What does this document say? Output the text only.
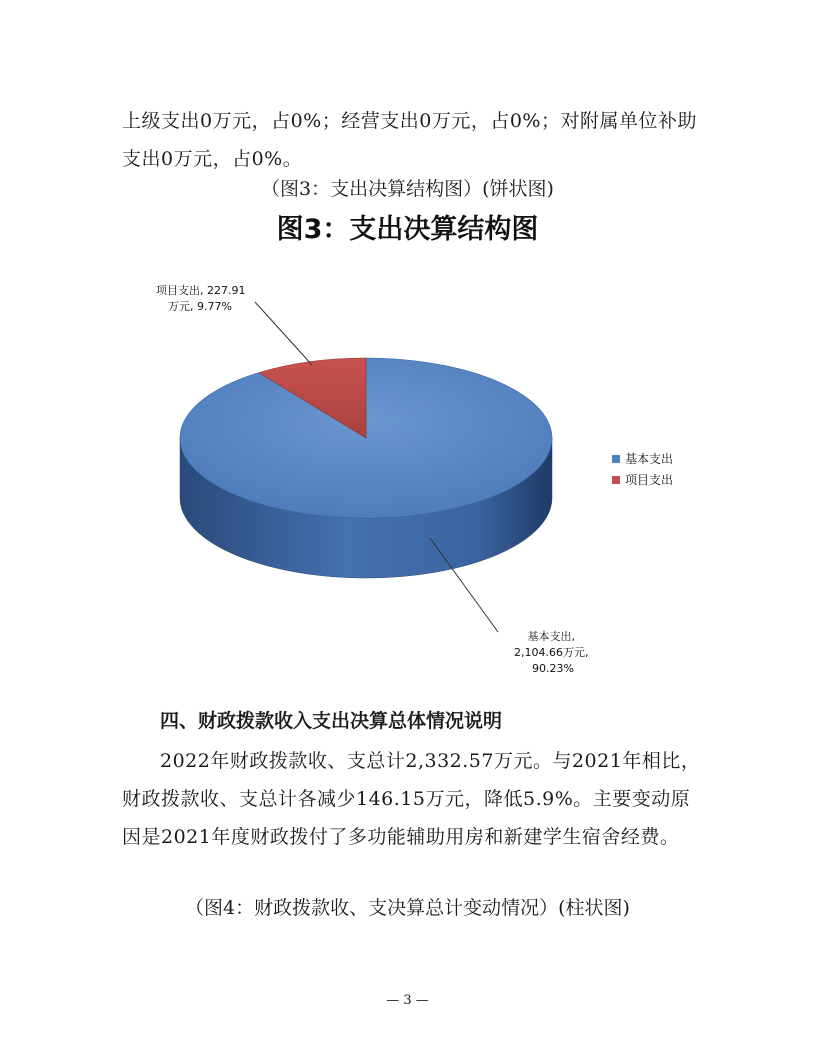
上级支出0万元，占0%；经营支出0万元，占0%；对附属单位补助支出0万元，占0%。

（图3：支出决算结构图）(饼状图)

图3：支出决算结构图

项目支出, 227.91 万元, 9.77%
基本支出, 2,104.66万元, 90.23%
基本支出
项目支出

四、财政拨款收入支出决算总体情况说明

2022年财政拨款收、支总计2,332.57万元。与2021年相比，财政拨款收、支总计各减少146.15万元，降低5.9%。主要变动原因是2021年度财政拨付了多功能辅助用房和新建学生宿舍经费。

（图4：财政拨款收、支决算总计变动情况）(柱状图)

— 3 —
